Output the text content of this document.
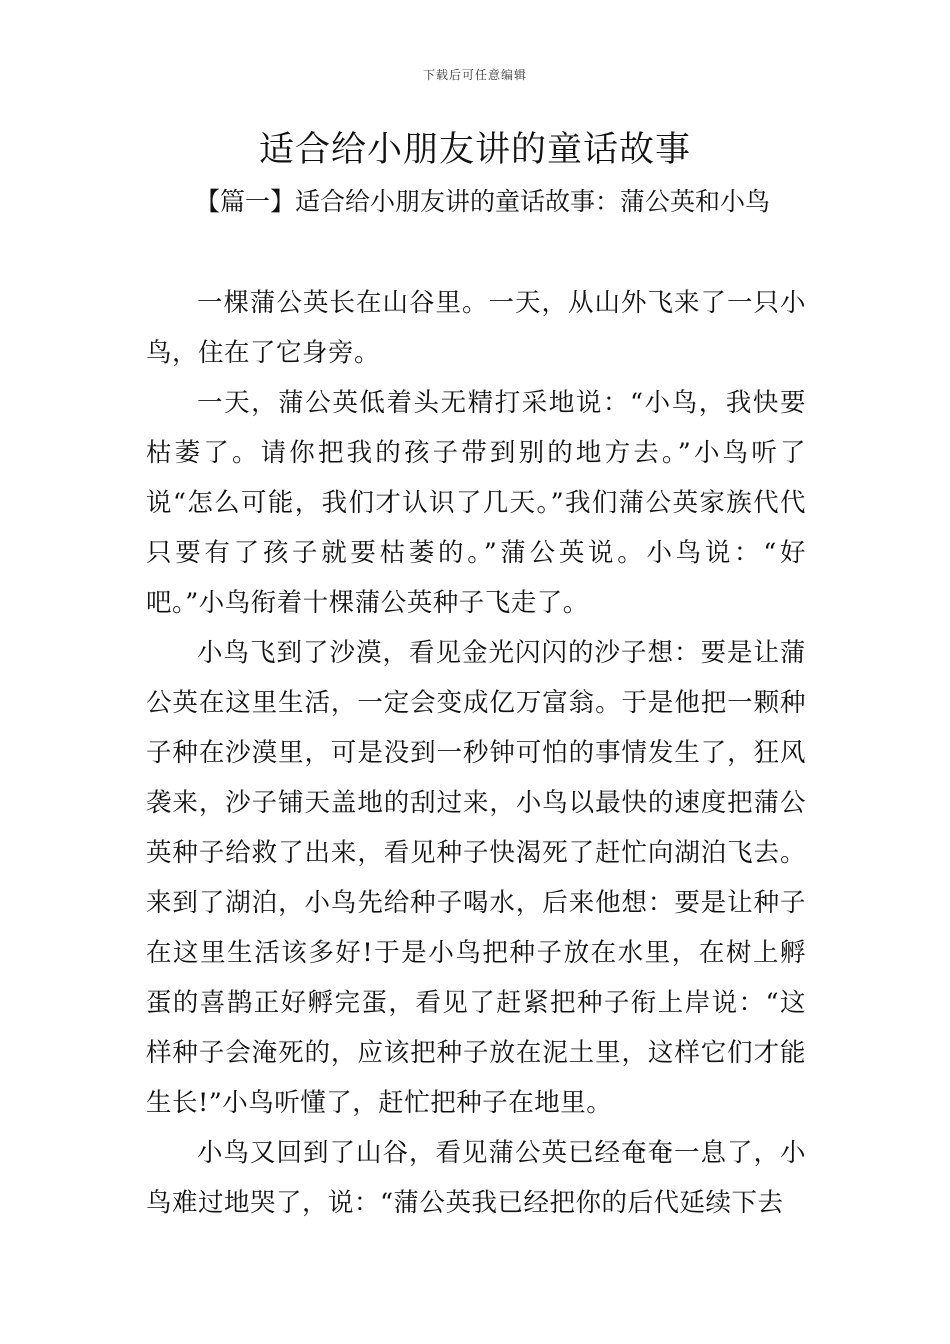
下载后可任意编辑
适合给小朋友讲的童话故事
【篇一】适合给小朋友讲的童话故事：蒲公英和小鸟

一棵蒲公英长在山谷里。一天，从山外飞来了一只小鸟，住在了它身旁。

一天，蒲公英低着头无精打采地说：“小鸟，我快要枯萎了。请你把我的孩子带到别的地方去。”小鸟听了说“怎么可能，我们才认识了几天。”我们蒲公英家族代代只要有了孩子就要枯萎的。”蒲公英说。小鸟说：“好吧。”小鸟衔着十棵蒲公英种子飞走了。

小鸟飞到了沙漠，看见金光闪闪的沙子想：要是让蒲公英在这里生活，一定会变成亿万富翁。于是他把一颗种子种在沙漠里，可是没到一秒钟可怕的事情发生了，狂风袭来，沙子铺天盖地的刮过来，小鸟以最快的速度把蒲公英种子给救了出来，看见种子快渴死了赶忙向湖泊飞去。来到了湖泊，小鸟先给种子喝水，后来他想：要是让种子在这里生活该多好!于是小鸟把种子放在水里，在树上孵蛋的喜鹊正好孵完蛋，看见了赶紧把种子衔上岸说：“这样种子会淹死的，应该把种子放在泥土里，这样它们才能生长!”小鸟听懂了，赶忙把种子在地里。

小鸟又回到了山谷，看见蒲公英已经奄奄一息了，小鸟难过地哭了，说：“蒲公英我已经把你的后代延续下去
